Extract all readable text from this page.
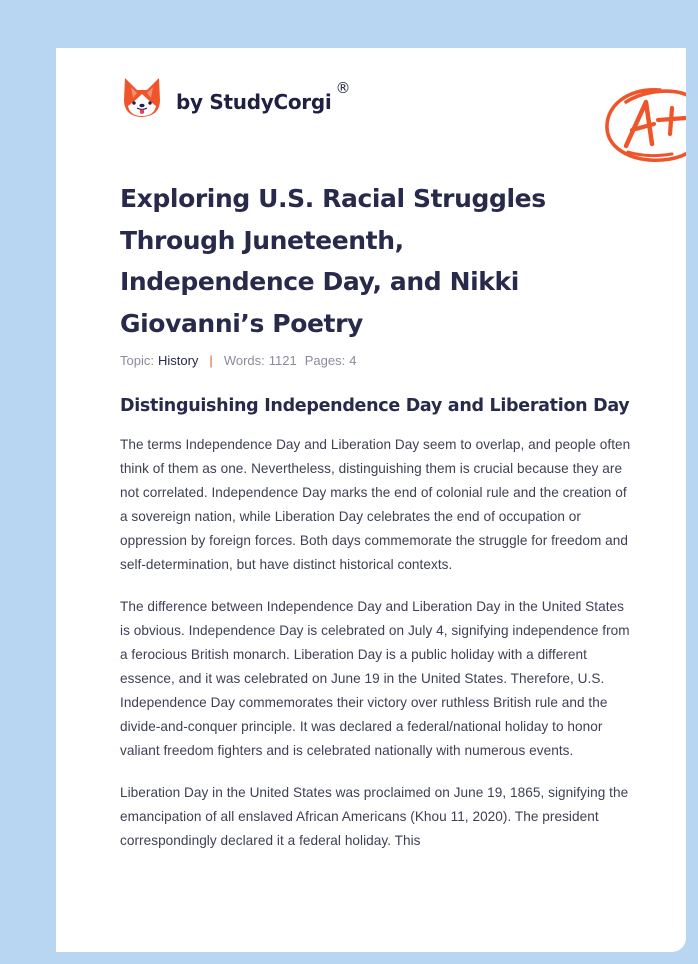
by StudyCorgi
®
Exploring U.S. Racial Struggles Through Juneteenth, Independence Day, and Nikki Giovanni’s Poetry
Topic: History | Words: 1121 Pages: 4
Distinguishing Independence Day and Liberation Day

The terms Independence Day and Liberation Day seem to overlap, and people often think of them as one. Nevertheless, distinguishing them is crucial because they are not correlated. Independence Day marks the end of colonial rule and the creation of a sovereign nation, while Liberation Day celebrates the end of occupation or oppression by foreign forces. Both days commemorate the struggle for freedom and self-determination, but have distinct historical contexts.

The difference between Independence Day and Liberation Day in the United States is obvious. Independence Day is celebrated on July 4, signifying independence from a ferocious British monarch. Liberation Day is a public holiday with a different essence, and it was celebrated on June 19 in the United States. Therefore, U.S. Independence Day commemorates their victory over ruthless British rule and the divide-and-conquer principle. It was declared a federal/national holiday to honor valiant freedom fighters and is celebrated nationally with numerous events.

Liberation Day in the United States was proclaimed on June 19, 1865, signifying the emancipation of all enslaved African Americans (Khou 11, 2020). The president correspondingly declared it a federal holiday. This
